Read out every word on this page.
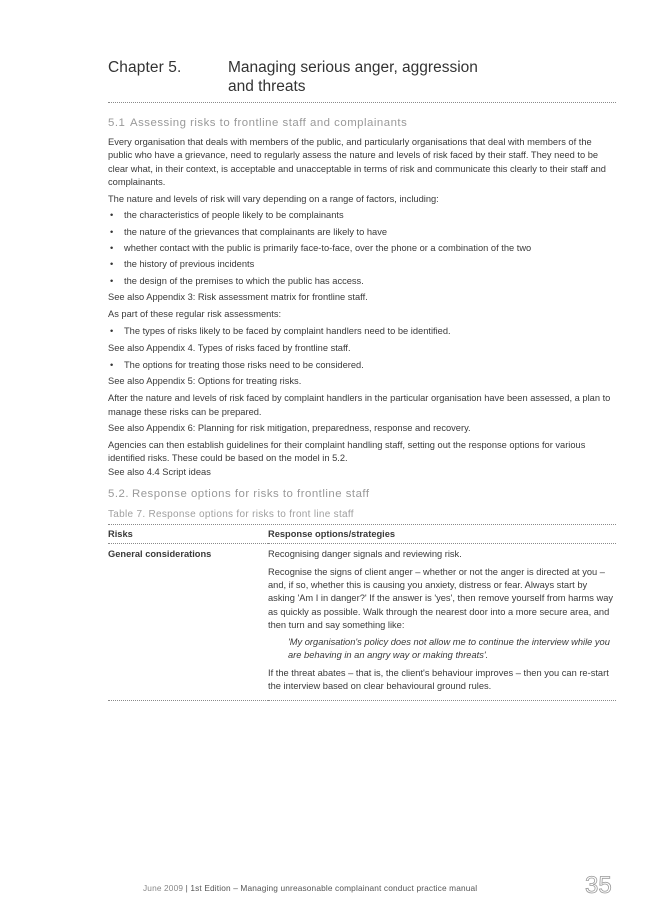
Chapter 5.	Managing serious anger, aggression
and threats
5.1 Assessing risks to frontline staff and complainants

Every organisation that deals with members of the public, and particularly organisations that deal with members of the public who have a grievance, need to regularly assess the nature and levels of risk faced by their staff. They need to be clear what, in their context, is acceptable and unacceptable in terms of risk and communicate this clearly to their staff and complainants.

The nature and levels of risk will vary depending on a range of factors, including:

• the characteristics of people likely to be complainants
• the nature of the grievances that complainants are likely to have
• whether contact with the public is primarily face-to-face, over the phone or a combination of the two
• the history of previous incidents
• the design of the premises to which the public has access.

See also Appendix 3: Risk assessment matrix for frontline staff.

As part of these regular risk assessments:

• The types of risks likely to be faced by complaint handlers need to be identified.

See also Appendix 4. Types of risks faced by frontline staff.

• The options for treating those risks need to be considered.

See also Appendix 5: Options for treating risks.

After the nature and levels of risk faced by complaint handlers in the particular organisation have been assessed, a plan to manage these risks can be prepared.

See also Appendix 6: Planning for risk mitigation, preparedness, response and recovery.

Agencies can then establish guidelines for their complaint handling staff, setting out the response options for various identified risks. These could be based on the model in 5.2.

See also 4.4 Script ideas

5.2. Response options for risks to frontline staff
Table 7. Response options for risks to front line staff
Risks	Response options/strategies
General considerations	Recognising danger signals and reviewing risk.

Recognise the signs of client anger – whether or not the anger is directed at you – and, if so, whether this is causing you anxiety, distress or fear. Always start by asking 'Am I in danger?' If the answer is 'yes', then remove yourself from harms way as quickly as possible. Walk through the nearest door into a more secure area, and then turn and say something like:

'My organisation's policy does not allow me to continue the interview while you are behaving in an angry way or making threats'.

If the threat abates – that is, the client's behaviour improves – then you can re-start the interview based on clear behavioural ground rules.

June 2009 | 1st Edition – Managing unreasonable complainant conduct practice manual	35
